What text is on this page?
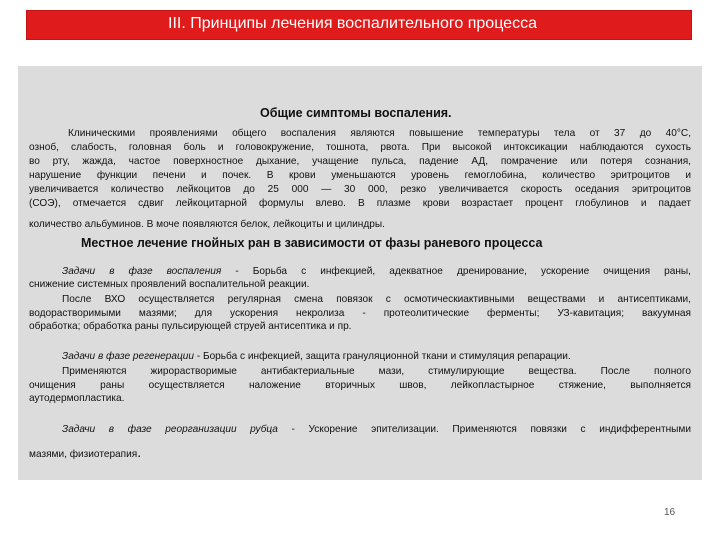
III. Принципы лечения воспалительного процесса
Общие симптомы воспаления.
Клиническими проявлениями общего воспаления являются повышение температуры тела от 37 до 40°С,
озноб, слабость, головная боль и головокружение, тошнота, рвота. При высокой интоксикации наблюдаются сухость
во рту, жажда, частое поверхностное дыхание, учащение пульса, падение АД, помрачение или потеря сознания,
нарушение функции печени и почек. В крови уменьшаются уровень гемоглобина, количество эритроцитов и
увеличивается количество лейкоцитов до 25 000 — 30 000, резко увеличивается скорость оседания эритроцитов
(СОЭ), отмечается сдвиг лейкоцитарной формулы влево. В плазме крови возрастает процент глобулинов и падает
количество альбуминов. В моче появляются белок, лейкоциты и цилиндры.
Местное лечение гнойных ран в зависимости от фазы раневого процесса
Задачи в фазе воспаления - Борьба с инфекцией, адекватное дренирование, ускорение очищения раны,
снижение системных проявлений воспалительной реакции.
После ВХО осуществляется регулярная смена повязок с осмотическиактивными веществами и антисептиками,
водорастворимыми мазями; для ускорения некролиза - протеолитические ферменты; УЗ-кавитация; вакуумная
обработка; обработка раны пульсирующей струей антисептика и пр.
Задачи в фазе регенерации - Борьба с инфекцией, защита грануляционной ткани и стимуляция репарации.
Применяются жирорастворимые антибактериальные мази, стимулирующие вещества. После полного
очищения раны осуществляется наложение вторичных швов, лейкопластырное стяжение, выполняется
аутодермопластика.
Задачи в фазе реорганизации рубца - Ускорение эпителизации. Применяются повязки с индифферентными
мазями, физиотерапия.
16
